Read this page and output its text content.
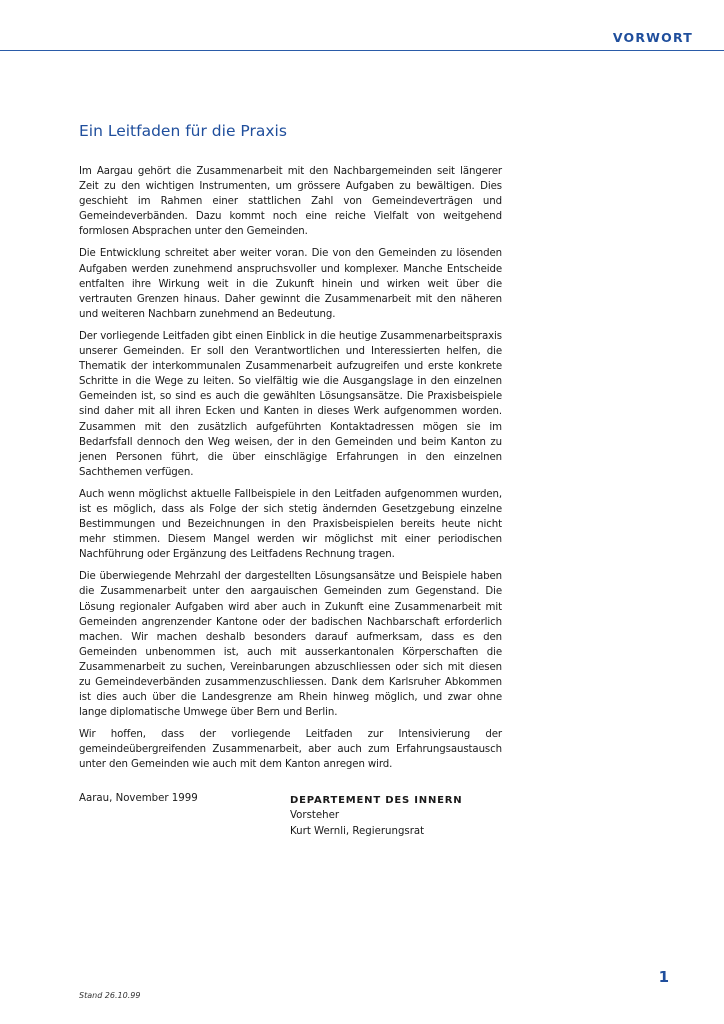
VORWORT
Ein Leitfaden für die Praxis

Im Aargau gehört die Zusammenarbeit mit den Nachbargemeinden seit längerer Zeit zu den wichtigen Instrumenten, um grössere Aufgaben zu bewältigen. Dies geschieht im Rahmen einer stattlichen Zahl von Gemeindeverträgen und Gemeindeverbänden. Dazu kommt noch eine reiche Vielfalt von weitgehend formlosen Absprachen unter den Gemeinden.

Die Entwicklung schreitet aber weiter voran. Die von den Gemeinden zu lösenden Aufgaben werden zunehmend anspruchsvoller und komplexer. Manche Entscheide entfalten ihre Wirkung weit in die Zukunft hinein und wirken weit über die vertrauten Grenzen hinaus. Daher gewinnt die Zusammenarbeit mit den näheren und weiteren Nachbarn zunehmend an Bedeutung.

Der vorliegende Leitfaden gibt einen Einblick in die heutige Zusammenarbeitspraxis unserer Gemeinden. Er soll den Verantwortlichen und Interessierten helfen, die Thematik der interkommunalen Zusammenarbeit aufzugreifen und erste konkrete Schritte in die Wege zu leiten. So vielfältig wie die Ausgangslage in den einzelnen Gemeinden ist, so sind es auch die gewählten Lösungsansätze. Die Praxisbeispiele sind daher mit all ihren Ecken und Kanten in dieses Werk aufgenommen worden. Zusammen mit den zusätzlich aufgeführten Kontaktadressen mögen sie im Bedarfsfall dennoch den Weg weisen, der in den Gemeinden und beim Kanton zu jenen Personen führt, die über einschlägige Erfahrungen in den einzelnen Sachthemen verfügen.

Auch wenn möglichst aktuelle Fallbeispiele in den Leitfaden aufgenommen wurden, ist es möglich, dass als Folge der sich stetig ändernden Gesetzgebung einzelne Bestimmungen und Bezeichnungen in den Praxisbeispielen bereits heute nicht mehr stimmen. Diesem Mangel werden wir möglichst mit einer periodischen Nachführung oder Ergänzung des Leitfadens Rechnung tragen.

Die überwiegende Mehrzahl der dargestellten Lösungsansätze und Beispiele haben die Zusammenarbeit unter den aargauischen Gemeinden zum Gegenstand. Die Lösung regionaler Aufgaben wird aber auch in Zukunft eine Zusammenarbeit mit Gemeinden angrenzender Kantone oder der badischen Nachbarschaft erforderlich machen. Wir machen deshalb besonders darauf aufmerksam, dass es den Gemeinden unbenommen ist, auch mit ausserkantonalen Körperschaften die Zusammenarbeit zu suchen, Vereinbarungen abzuschliessen oder sich mit diesen zu Gemeindeverbänden zusammenzuschliessen. Dank dem Karlsruher Abkommen ist dies auch über die Landesgrenze am Rhein hinweg möglich, und zwar ohne lange diplomatische Umwege über Bern und Berlin.

Wir hoffen, dass der vorliegende Leitfaden zur Intensivierung der gemeindeübergreifenden Zusammenarbeit, aber auch zum Erfahrungsaustausch unter den Gemeinden wie auch mit dem Kanton anregen wird.

Aarau, November 1999	DEPARTEMENT DES INNERN
Vorsteher
Kurt Wernli, Regierungsrat
1
Stand 26.10.99
